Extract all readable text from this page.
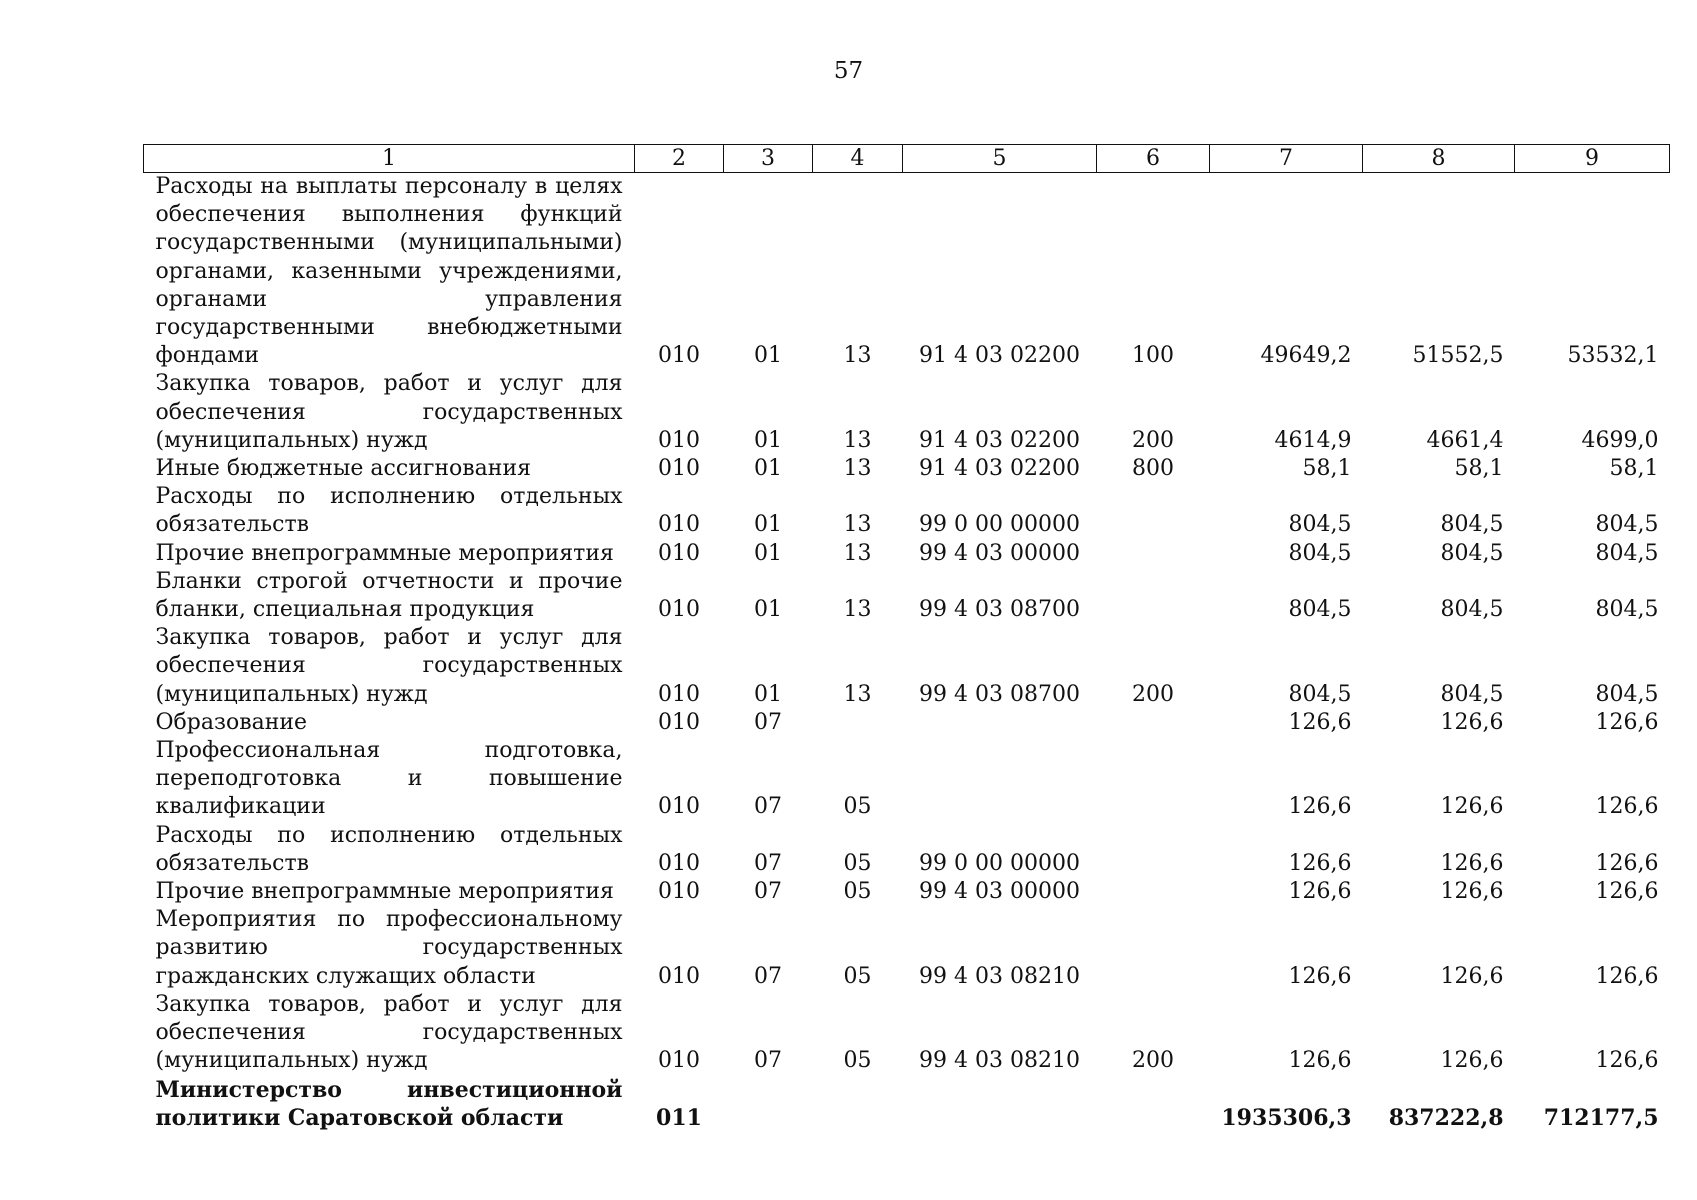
57
1	2	3	4	5	6	7	8	9
Расходы на выплаты персоналу в целях обеспечения выполнения функций государственными (муниципальными) органами, казенными учреждениями, органами управления государственными внебюджетными фондами	010	01	13	91 4 03 02200	100	49649,2	51552,5	53532,1
Закупка товаров, работ и услуг для обеспечения государственных (муниципальных) нужд	010	01	13	91 4 03 02200	200	4614,9	4661,4	4699,0
Иные бюджетные ассигнования	010	01	13	91 4 03 02200	800	58,1	58,1	58,1
Расходы по исполнению отдельных обязательств	010	01	13	99 0 00 00000		804,5	804,5	804,5
Прочие внепрограммные мероприятия	010	01	13	99 4 03 00000		804,5	804,5	804,5
Бланки строгой отчетности и прочие бланки, специальная продукция	010	01	13	99 4 03 08700		804,5	804,5	804,5
Закупка товаров, работ и услуг для обеспечения государственных (муниципальных) нужд	010	01	13	99 4 03 08700	200	804,5	804,5	804,5
Образование	010	07				126,6	126,6	126,6
Профессиональная подготовка, переподготовка и повышение квалификации	010	07	05			126,6	126,6	126,6
Расходы по исполнению отдельных обязательств	010	07	05	99 0 00 00000		126,6	126,6	126,6
Прочие внепрограммные мероприятия	010	07	05	99 4 03 00000		126,6	126,6	126,6
Мероприятия по профессиональному развитию государственных гражданских служащих области	010	07	05	99 4 03 08210		126,6	126,6	126,6
Закупка товаров, работ и услуг для обеспечения государственных (муниципальных) нужд	010	07	05	99 4 03 08210	200	126,6	126,6	126,6
Министерство инвестиционной политики Саратовской области	011					1935306,3	837222,8	712177,5
